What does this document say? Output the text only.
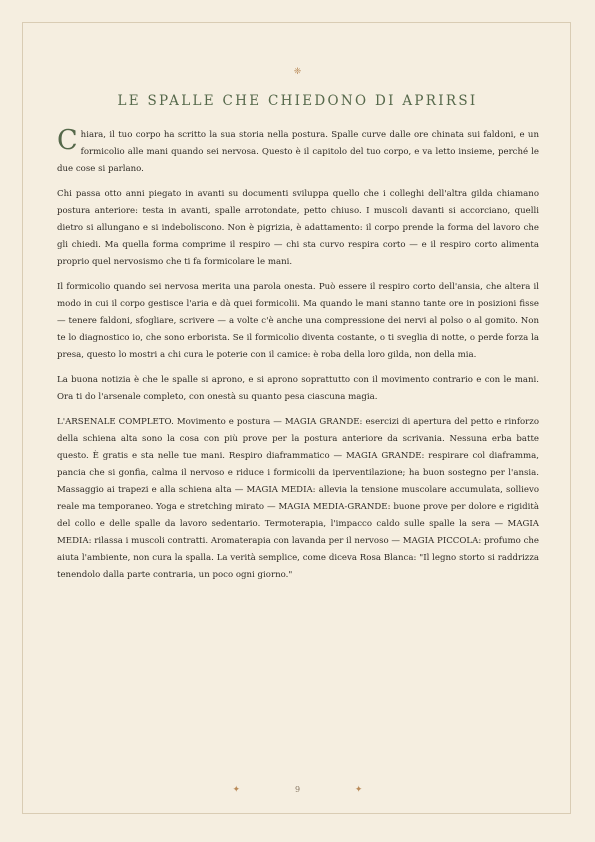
❈
LE SPALLE CHE CHIEDONO DI APRIRSI

Chiara, il tuo corpo ha scritto la sua storia nella postura. Spalle curve dalle ore chinata sui faldoni, e un formicolio alle mani quando sei nervosa. Questo è il capitolo del tuo corpo, e va letto insieme, perché le due cose si parlano.

Chi passa otto anni piegato in avanti su documenti sviluppa quello che i colleghi dell'altra gilda chiamano postura anteriore: testa in avanti, spalle arrotondate, petto chiuso. I muscoli davanti si accorciano, quelli dietro si allungano e si indeboliscono. Non è pigrizia, è adattamento: il corpo prende la forma del lavoro che gli chiedi. Ma quella forma comprime il respiro — chi sta curvo respira corto — e il respiro corto alimenta proprio quel nervosismo che ti fa formicolare le mani.

Il formicolio quando sei nervosa merita una parola onesta. Può essere il respiro corto dell'ansia, che altera il modo in cui il corpo gestisce l'aria e dà quei formicolii. Ma quando le mani stanno tante ore in posizioni fisse — tenere faldoni, sfogliare, scrivere — a volte c'è anche una compressione dei nervi al polso o al gomito. Non te lo diagnostico io, che sono erborista. Se il formicolio diventa costante, o ti sveglia di notte, o perde forza la presa, questo lo mostri a chi cura le poterie con il camice: è roba della loro gilda, non della mia.

La buona notizia è che le spalle si aprono, e si aprono soprattutto con il movimento contrario e con le mani. Ora ti do l'arsenale completo, con onestà su quanto pesa ciascuna magia.

L'ARSENALE COMPLETO. Movimento e postura — MAGIA GRANDE: esercizi di apertura del petto e rinforzo della schiena alta sono la cosa con più prove per la postura anteriore da scrivania. Nessuna erba batte questo. È gratis e sta nelle tue mani. Respiro diaframmatico — MAGIA GRANDE: respirare col diaframma, pancia che si gonfia, calma il nervoso e riduce i formicolii da iperventilazione; ha buon sostegno per l'ansia. Massaggio ai trapezi e alla schiena alta — MAGIA MEDIA: allevia la tensione muscolare accumulata, sollievo reale ma temporaneo. Yoga e stretching mirato — MAGIA MEDIA-GRANDE: buone prove per dolore e rigidità del collo e delle spalle da lavoro sedentario. Termoterapia, l'impacco caldo sulle spalle la sera — MAGIA MEDIA: rilassa i muscoli contratti. Aromaterapia con lavanda per il nervoso — MAGIA PICCOLA: profumo che aiuta l'ambiente, non cura la spalla. La verità semplice, come diceva Rosa Blanca: "Il legno storto si raddrizza tenendolo dalla parte contraria, un poco ogni giorno."

✦	9	✦
